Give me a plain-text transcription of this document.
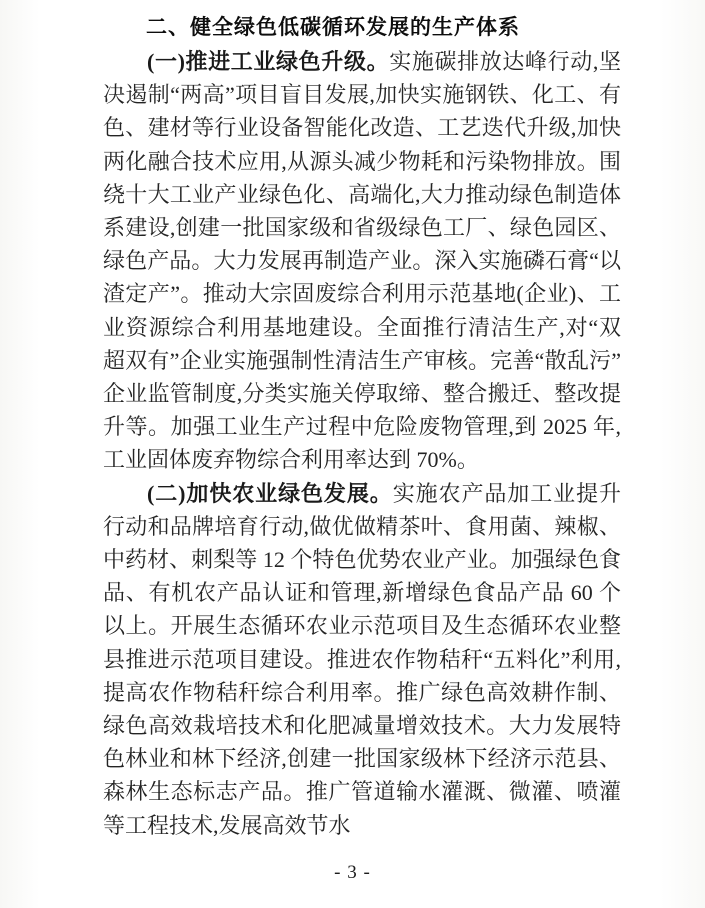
二、健全绿色低碳循环发展的生产体系

(一)推进工业绿色升级。实施碳排放达峰行动,坚决遏制“两高”项目盲目发展,加快实施钢铁、化工、有色、建材等行业设备智能化改造、工艺迭代升级,加快两化融合技术应用,从源头减少物耗和污染物排放。围绕十大工业产业绿色化、高端化,大力推动绿色制造体系建设,创建一批国家级和省级绿色工厂、绿色园区、绿色产品。大力发展再制造产业。深入实施磷石膏“以渣定产”。推动大宗固废综合利用示范基地(企业)、工业资源综合利用基地建设。全面推行清洁生产,对“双超双有”企业实施强制性清洁生产审核。完善“散乱污”企业监管制度,分类实施关停取缔、整合搬迁、整改提升等。加强工业生产过程中危险废物管理,到 2025 年,工业固体废弃物综合利用率达到 70%。

(二)加快农业绿色发展。实施农产品加工业提升行动和品牌培育行动,做优做精茶叶、食用菌、辣椒、中药材、刺梨等 12 个特色优势农业产业。加强绿色食品、有机农产品认证和管理,新增绿色食品产品 60 个以上。开展生态循环农业示范项目及生态循环农业整县推进示范项目建设。推进农作物秸秆“五料化”利用,提高农作物秸秆综合利用率。推广绿色高效耕作制、绿色高效栽培技术和化肥减量增效技术。大力发展特色林业和林下经济,创建一批国家级林下经济示范县、森林生态标志产品。推广管道输水灌溉、微灌、喷灌等工程技术,发展高效节水

- 3 -
